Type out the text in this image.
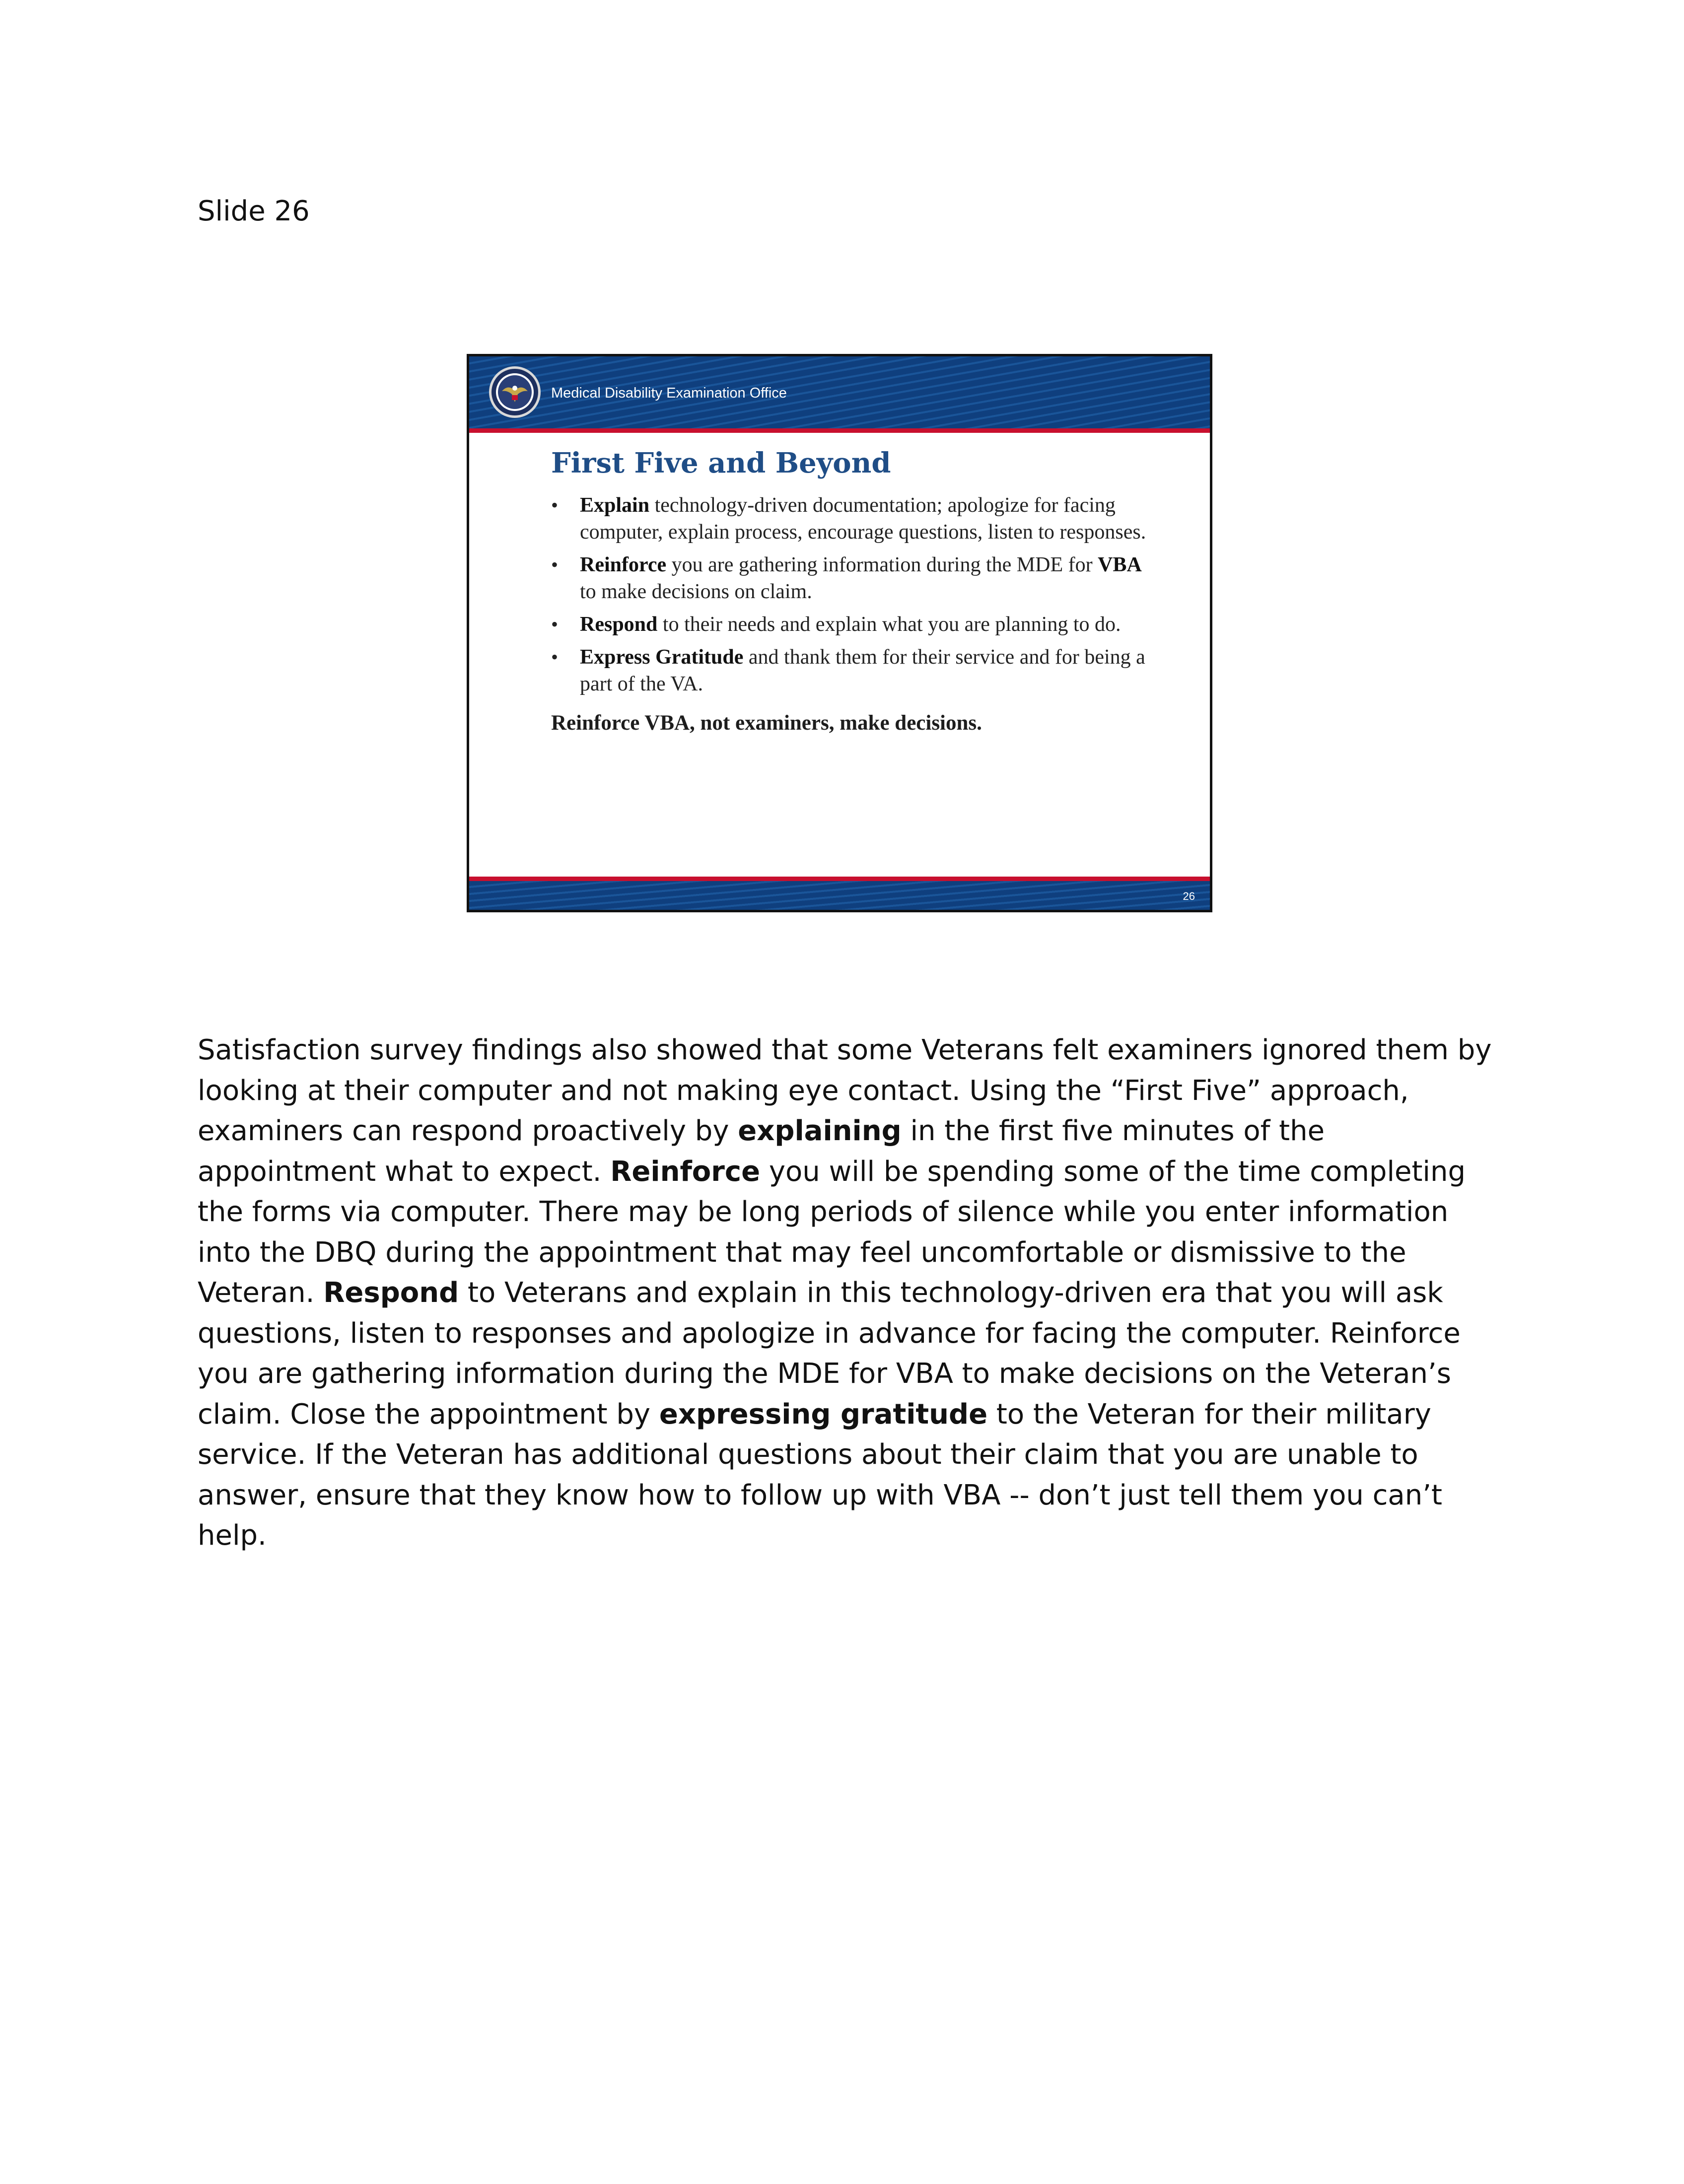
Slide 26
Medical Disability Examination Office
First Five and Beyond
• Explain technology-driven documentation; apologize for facing computer, explain process, encourage questions, listen to responses.
• Reinforce you are gathering information during the MDE for VBA to make decisions on claim.
• Respond to their needs and explain what you are planning to do.
• Express Gratitude and thank them for their service and for being a part of the VA.
Reinforce VBA, not examiners, make decisions.
26

Satisfaction survey findings also showed that some Veterans felt examiners ignored them by looking at their computer and not making eye contact. Using the “First Five” approach, examiners can respond proactively by explaining in the first five minutes of the appointment what to expect. Reinforce you will be spending some of the time completing the forms via computer. There may be long periods of silence while you enter information into the DBQ during the appointment that may feel uncomfortable or dismissive to the Veteran. Respond to Veterans and explain in this technology-driven era that you will ask questions, listen to responses and apologize in advance for facing the computer. Reinforce you are gathering information during the MDE for VBA to make decisions on the Veteran’s claim. Close the appointment by expressing gratitude to the Veteran for their military service. If the Veteran has additional questions about their claim that you are unable to answer, ensure that they know how to follow up with VBA -- don’t just tell them you can’t help.
